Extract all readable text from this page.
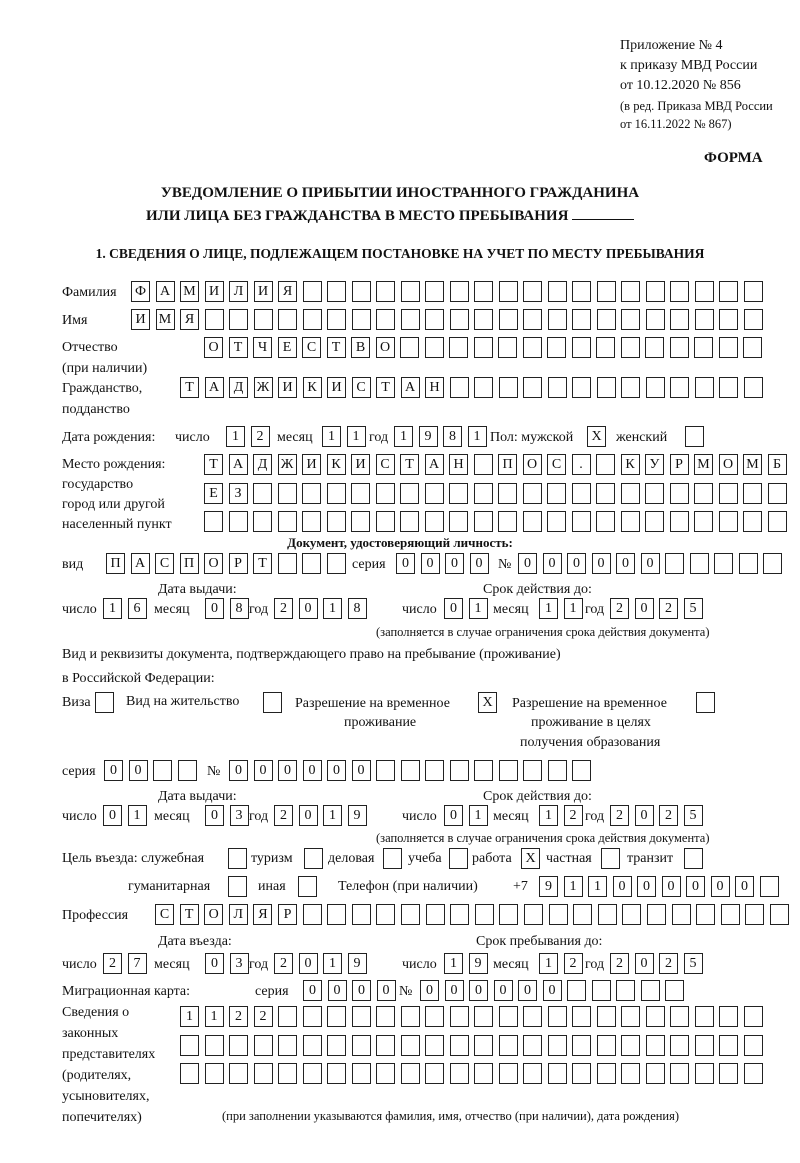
Приложение № 4
к приказу МВД России
от 10.12.2020 № 856
(в ред. Приказа МВД России
от 16.11.2022 № 867)
ФОРМА
УВЕДОМЛЕНИЕ О ПРИБЫТИИ ИНОСТРАННОГО ГРАЖДАНИНА
ИЛИ ЛИЦА БЕЗ ГРАЖДАНСТВА В МЕСТО ПРЕБЫВАНИЯ
1. СВЕДЕНИЯ О ЛИЦЕ, ПОДЛЕЖАЩЕМ ПОСТАНОВКЕ НА УЧЕТ ПО МЕСТУ ПРЕБЫВАНИЯ
Фамилия Ф А М И	Л	И	Я
Имя	И М Я
Отчество
(при наличии)
О	Т	Ч	Е	С	Т	В	О
Гражданство,
подданство
Т	А	Д Ж И	К	И	С	Т	А	Н
Дата рождения: число	1	2 месяц	1	1 год 1	9	8	1 Пол: мужской	X	женский
Место рождения:
государство
город или другой
населенный пункт
Т	А	Д Ж И	К	И	С	Т	А	Н	П	О	С	.	К	У	Р	М О М	Б
Е	З
Документ, удостоверяющий личность:
вид	П	А	С	П	О	Р	Т	серия	0	0	0	0	№ 0	0	0	0	0	0
Дата выдачи:	Срок действия до:
число 1	6 месяц	0	8 год 2	0	1	8	число 0	1 месяц	1	1 год 2	0	2	5
(заполняется в случае ограничения срока действия документа)
Вид и реквизиты документа, подтверждающего право на пребывание (проживание)
в Российской Федерации:
Виза	Вид на жительство	Разрешение на временное
проживание
X	Разрешение на временное
проживание в целях
получения образования
серия	0	0	№	0	0	0	0	0	0
Дата выдачи:	Срок действия до:
число 0	1 месяц	0	3 год 2	0	1	9	число 0	1 месяц	1	2 год 2	0	2	5
(заполняется в случае ограничения срока действия документа)
Цель въезда: служебная	туризм	деловая учеба работа X частная	транзит
гуманитарная	иная	Телефон (при наличии)	+7	9	1	1	0	0	0	0	0	0
Профессия	С	Т	О	Л	Я	Р
Дата въезда:	Срок пребывания до:
число 2	7 месяц	0	3 год 2	0	1	9	число 1	9 месяц	1	2 год 2	0	2	5
Миграционная карта:	серия	0	0	0	0 № 0	0	0	0	0	0
Сведения о
законных
представителях
(родителях,
усыновителях,
попечителях)
1	1	2	2
(при заполнении указываются фамилия, имя, отчество (при наличии), дата рождения)
